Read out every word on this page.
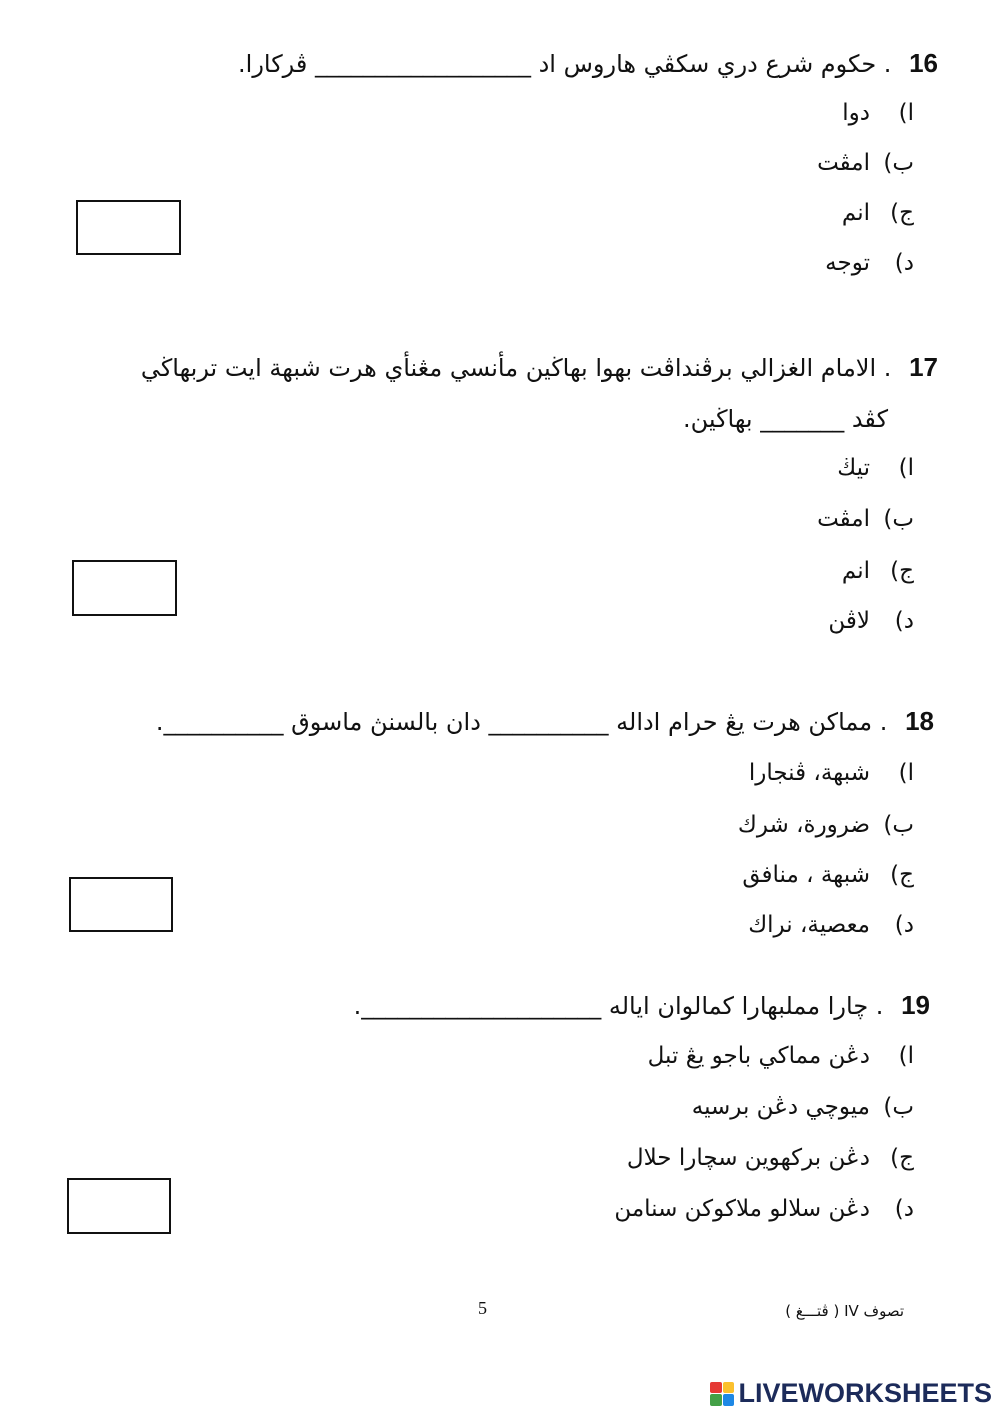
16 . حكوم شرع دري سكڤي هاروس اد __________________ ڤركارا.
ا)دوا
ب)امڤت
ج)انم
د)توجه
17 . الامام الغزالي برڤنداڤت بهوا بهاڬين مأنسي مڠنأي هرت شبهة ايت تربهاڬي
كڤد _______ بهاڬين.
ا)تيڬ
ب)امڤت
ج)انم
د)لاڤن
18 . مماكن هرت يڠ حرام اداله __________ دان بالسنڽ ماسوق __________.
ا)شبهة، ڤنجارا
ب)ضرورة، شرك
ج)شبهة ، منافق
د)معصية، نراك
19 . چارا مملبهارا كمالوان اياله ____________________.
ا)دڠن مماكي باجو يڠ تبل
ب)ميوچي دڠن برسيه
ج)دڠن بركهوين سچارا حلال
د)دڠن سلالو ملاكوكن سنامن
5	تصوف IV ( ڤتـــغ )
LIVEWORKSHEETS
